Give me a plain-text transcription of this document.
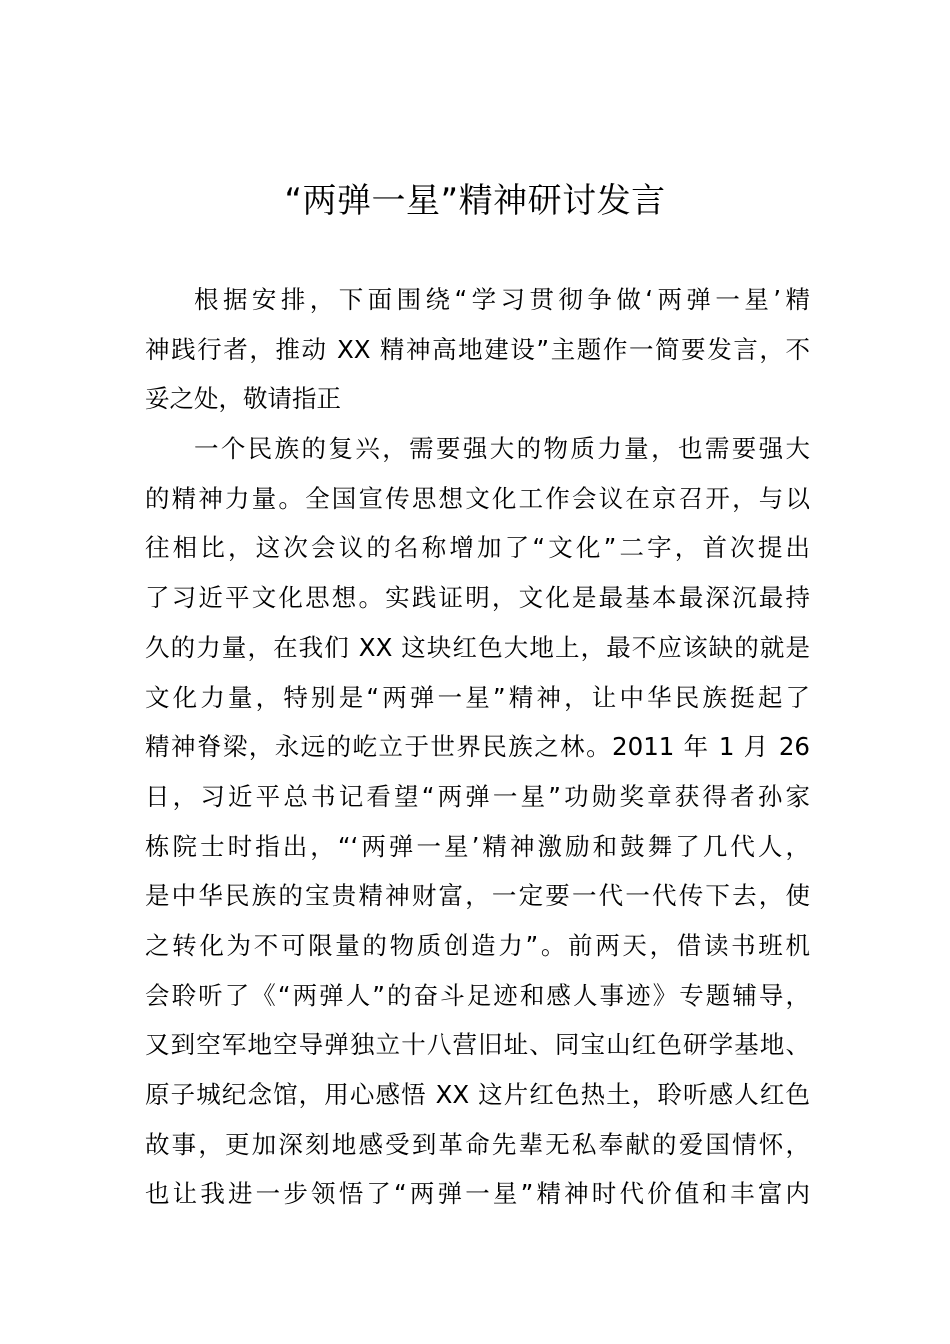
“两弹一星”精神研讨发言
根据安排，下面围绕“学习贯彻争做‘两弹一星’精
神践行者，推动 XX 精神高地建设”主题作一简要发言，不
妥之处，敬请指正
一个民族的复兴，需要强大的物质力量，也需要强大
的精神力量。全国宣传思想文化工作会议在京召开，与以
往相比，这次会议的名称增加了“文化”二字，首次提出
了习近平文化思想。实践证明，文化是最基本最深沉最持
久的力量，在我们 XX 这块红色大地上，最不应该缺的就是
文化力量，特别是“两弹一星”精神，让中华民族挺起了
精神脊梁，永远的屹立于世界民族之林。2011 年 1 月 26
日，习近平总书记看望“两弹一星”功勋奖章获得者孙家
栋院士时指出，“‘两弹一星’精神激励和鼓舞了几代人，
是中华民族的宝贵精神财富，一定要一代一代传下去，使
之转化为不可限量的物质创造力”。前两天，借读书班机
会聆听了《“两弹人”的奋斗足迹和感人事迹》专题辅导，
又到空军地空导弹独立十八营旧址、同宝山红色研学基地、
原子城纪念馆，用心感悟 XX 这片红色热土，聆听感人红色
故事，更加深刻地感受到革命先辈无私奉献的爱国情怀，
也让我进一步领悟了“两弹一星”精神时代价值和丰富内
